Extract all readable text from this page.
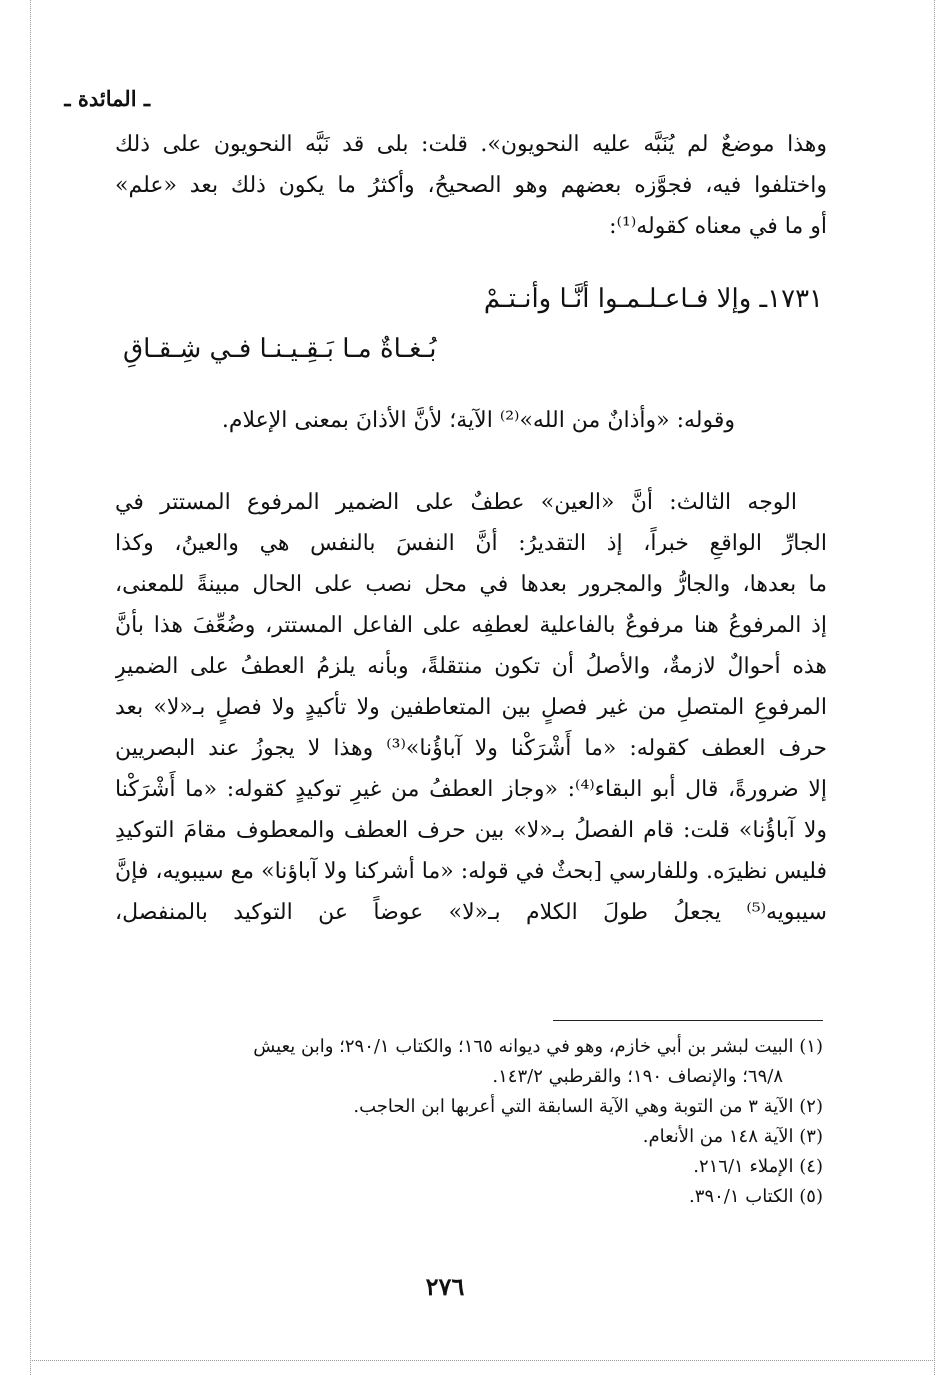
ـ المائدة ـ
وهذا موضعٌ لم يُنَبَّه عليه النحويون». قلت: بلى قد نَبَّه النحويون على ذلك
واختلفوا فيه، فجوَّزه بعضهم وهو الصحيحُ، وأكثرُ ما يكون ذلك بعد «علم»
أو ما في معناه كقوله⁽¹⁾:
١٧٣١ـ وإلا فـاعـلـمـوا أنَّـا وأنـتـمْ
بُـغـاةٌ مـا بَـقِـيـنـا فـي شِـقـاقِ
وقوله: «وأذانٌ من الله»⁽²⁾ الآية؛ لأنَّ الأذانَ بمعنى الإعلام.
الوجه الثالث: أنَّ «العين» عطفٌ على الضمير المرفوع المستتر في
الجارِّ الواقعِ خبراً، إذ التقديرُ: أنَّ النفسَ بالنفس هي والعينُ، وكذا
ما بعدها، والجارُّ والمجرور بعدها في محل نصب على الحال مبينةً للمعنى،
إذ المرفوعُ هنا مرفوعٌ بالفاعلية لعطفِه على الفاعل المستتر، وضُعِّفَ هذا بأنَّ
هذه أحوالٌ لازمةٌ، والأصلُ أن تكون منتقلةً، وبأنه يلزمُ العطفُ على الضميرِ
المرفوعِ المتصلِ من غير فصلٍ بين المتعاطفين ولا تأكيدٍ ولا فصلٍ بـ«لا» بعد
حرف العطف كقوله: «ما أَشْرَكْنا ولا آباؤُنا»⁽³⁾ وهذا لا يجوزُ عند البصريين
إلا ضرورةً، قال أبو البقاء⁽⁴⁾: «وجاز العطفُ من غيرِ توكيدٍ كقوله: «ما أَشْرَكْنا
ولا آباؤُنا» قلت: قام الفصلُ بـ«لا» بين حرف العطف والمعطوف مقامَ التوكيدِ
فليس نظيرَه. وللفارسي [بحثٌ في قوله: «ما أشركنا ولا آباؤنا» مع سيبويه، فإنَّ
سيبويه⁽⁵⁾ يجعلُ طولَ الكلام بـ«لا» عوضاً عن التوكيد بالمنفصل،
(١) البيت لبشر بن أبي خازم، وهو في ديوانه ١٦٥؛ والكتاب ٢٩٠/١؛ وابن يعيش
٦٩/٨؛ والإنصاف ١٩٠؛ والقرطبي ١٤٣/٢.
(٢) الآية ٣ من التوبة وهي الآية السابقة التي أعربها ابن الحاجب.
(٣) الآية ١٤٨ من الأنعام.
(٤) الإملاء ٢١٦/١.
(٥) الكتاب ٣٩٠/١.
٢٧٦
